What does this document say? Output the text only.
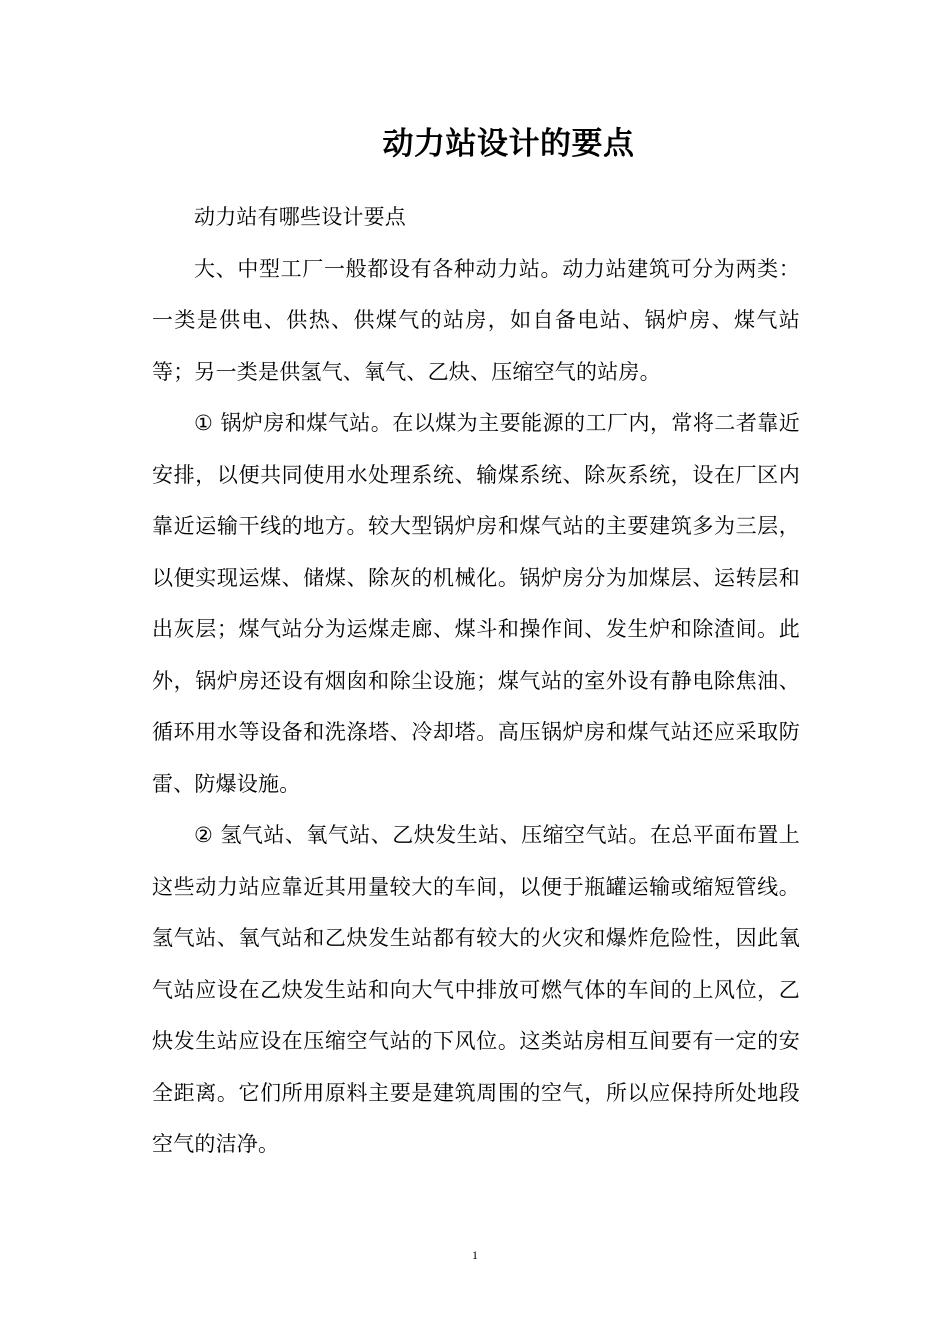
动力站设计的要点

动力站有哪些设计要点

大、中型工厂一般都设有各种动力站。动力站建筑可分为两类：一类是供电、供热、供煤气的站房，如自备电站、锅炉房、煤气站等；另一类是供氢气、氧气、乙炔、压缩空气的站房。

① 锅炉房和煤气站。在以煤为主要能源的工厂内，常将二者靠近安排，以便共同使用水处理系统、输煤系统、除灰系统，设在厂区内靠近运输干线的地方。较大型锅炉房和煤气站的主要建筑多为三层，以便实现运煤、储煤、除灰的机械化。锅炉房分为加煤层、运转层和出灰层；煤气站分为运煤走廊、煤斗和操作间、发生炉和除渣间。此外，锅炉房还设有烟囱和除尘设施；煤气站的室外设有静电除焦油、循环用水等设备和洗涤塔、冷却塔。高压锅炉房和煤气站还应采取防雷、防爆设施。

② 氢气站、氧气站、乙炔发生站、压缩空气站。在总平面布置上这些动力站应靠近其用量较大的车间，以便于瓶罐运输或缩短管线。氢气站、氧气站和乙炔发生站都有较大的火灾和爆炸危险性，因此氧气站应设在乙炔发生站和向大气中排放可燃气体的车间的上风位，乙炔发生站应设在压缩空气站的下风位。这类站房相互间要有一定的安全距离。它们所用原料主要是建筑周围的空气，所以应保持所处地段空气的洁净。

1
